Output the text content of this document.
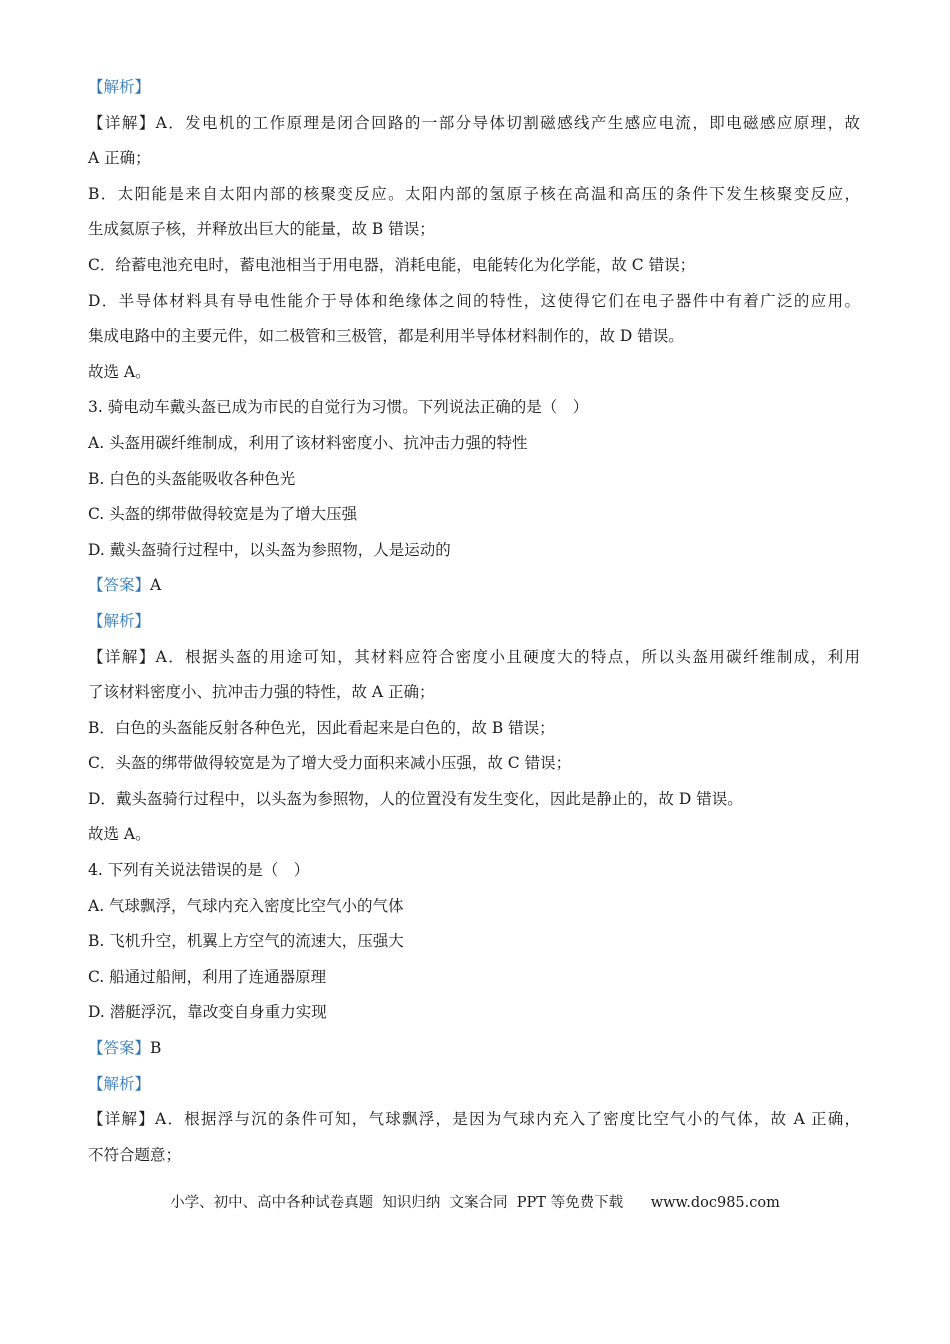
【解析】
【详解】A．发电机的工作原理是闭合回路的一部分导体切割磁感线产生感应电流，即电磁感应原理，故
A 正确；
B．太阳能是来自太阳内部的核聚变反应。太阳内部的氢原子核在高温和高压的条件下发生核聚变反应，
生成氦原子核，并释放出巨大的能量，故 B 错误；
C．给蓄电池充电时，蓄电池相当于用电器，消耗电能，电能转化为化学能，故 C 错误；
D．半导体材料具有导电性能介于导体和绝缘体之间的特性，这使得它们在电子器件中有着广泛的应用。
集成电路中的主要元件，如二极管和三极管，都是利用半导体材料制作的，故 D 错误。
故选 A。
3. 骑电动车戴头盔已成为市民的自觉行为习惯。下列说法正确的是（　）
A. 头盔用碳纤维制成，利用了该材料密度小、抗冲击力强的特性
B. 白色的头盔能吸收各种色光
C. 头盔的绑带做得较宽是为了增大压强
D. 戴头盔骑行过程中，以头盔为参照物，人是运动的
【答案】A
【解析】
【详解】A．根据头盔的用途可知，其材料应符合密度小且硬度大的特点，所以头盔用碳纤维制成，利用
了该材料密度小、抗冲击力强的特性，故 A 正确；
B．白色的头盔能反射各种色光，因此看起来是白色的，故 B 错误；
C．头盔的绑带做得较宽是为了增大受力面积来减小压强，故 C 错误；
D．戴头盔骑行过程中，以头盔为参照物，人的位置没有发生变化，因此是静止的，故 D 错误。
故选 A。
4. 下列有关说法错误的是（　）
A. 气球飘浮，气球内充入密度比空气小的气体
B. 飞机升空，机翼上方空气的流速大，压强大
C. 船通过船闸，利用了连通器原理
D. 潜艇浮沉，靠改变自身重力实现
【答案】B
【解析】
【详解】A．根据浮与沉的条件可知，气球飘浮，是因为气球内充入了密度比空气小的气体，故 A 正确，
不符合题意；
小学、初中、高中各种试卷真题  知识归纳  文案合同  PPT 等免费下载      www.doc985.com
